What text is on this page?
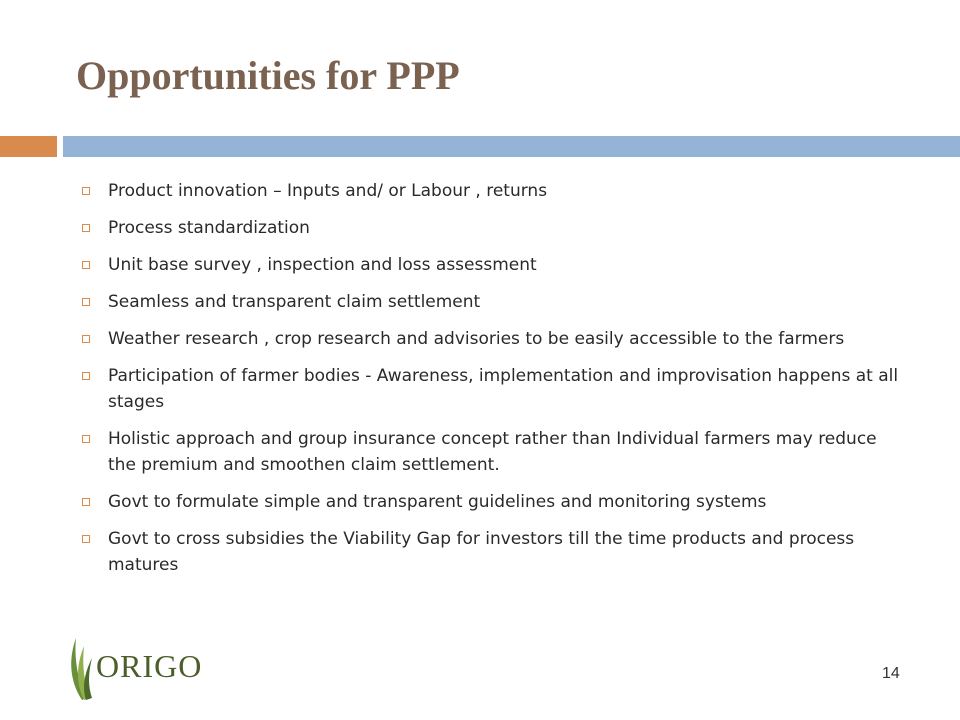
Opportunities for PPP
Product innovation – Inputs and/ or Labour , returns
Process standardization
Unit base survey , inspection and loss assessment
Seamless and transparent claim settlement
Weather research , crop research and advisories to be easily accessible to the farmers
Participation of farmer bodies - Awareness, implementation and improvisation happens at all stages
Holistic approach and group insurance concept rather than Individual farmers may reduce the premium and smoothen claim settlement.
Govt to formulate simple and transparent guidelines and monitoring systems
Govt to cross subsidies the Viability Gap for investors till the time products and process matures
ORIGO	14
